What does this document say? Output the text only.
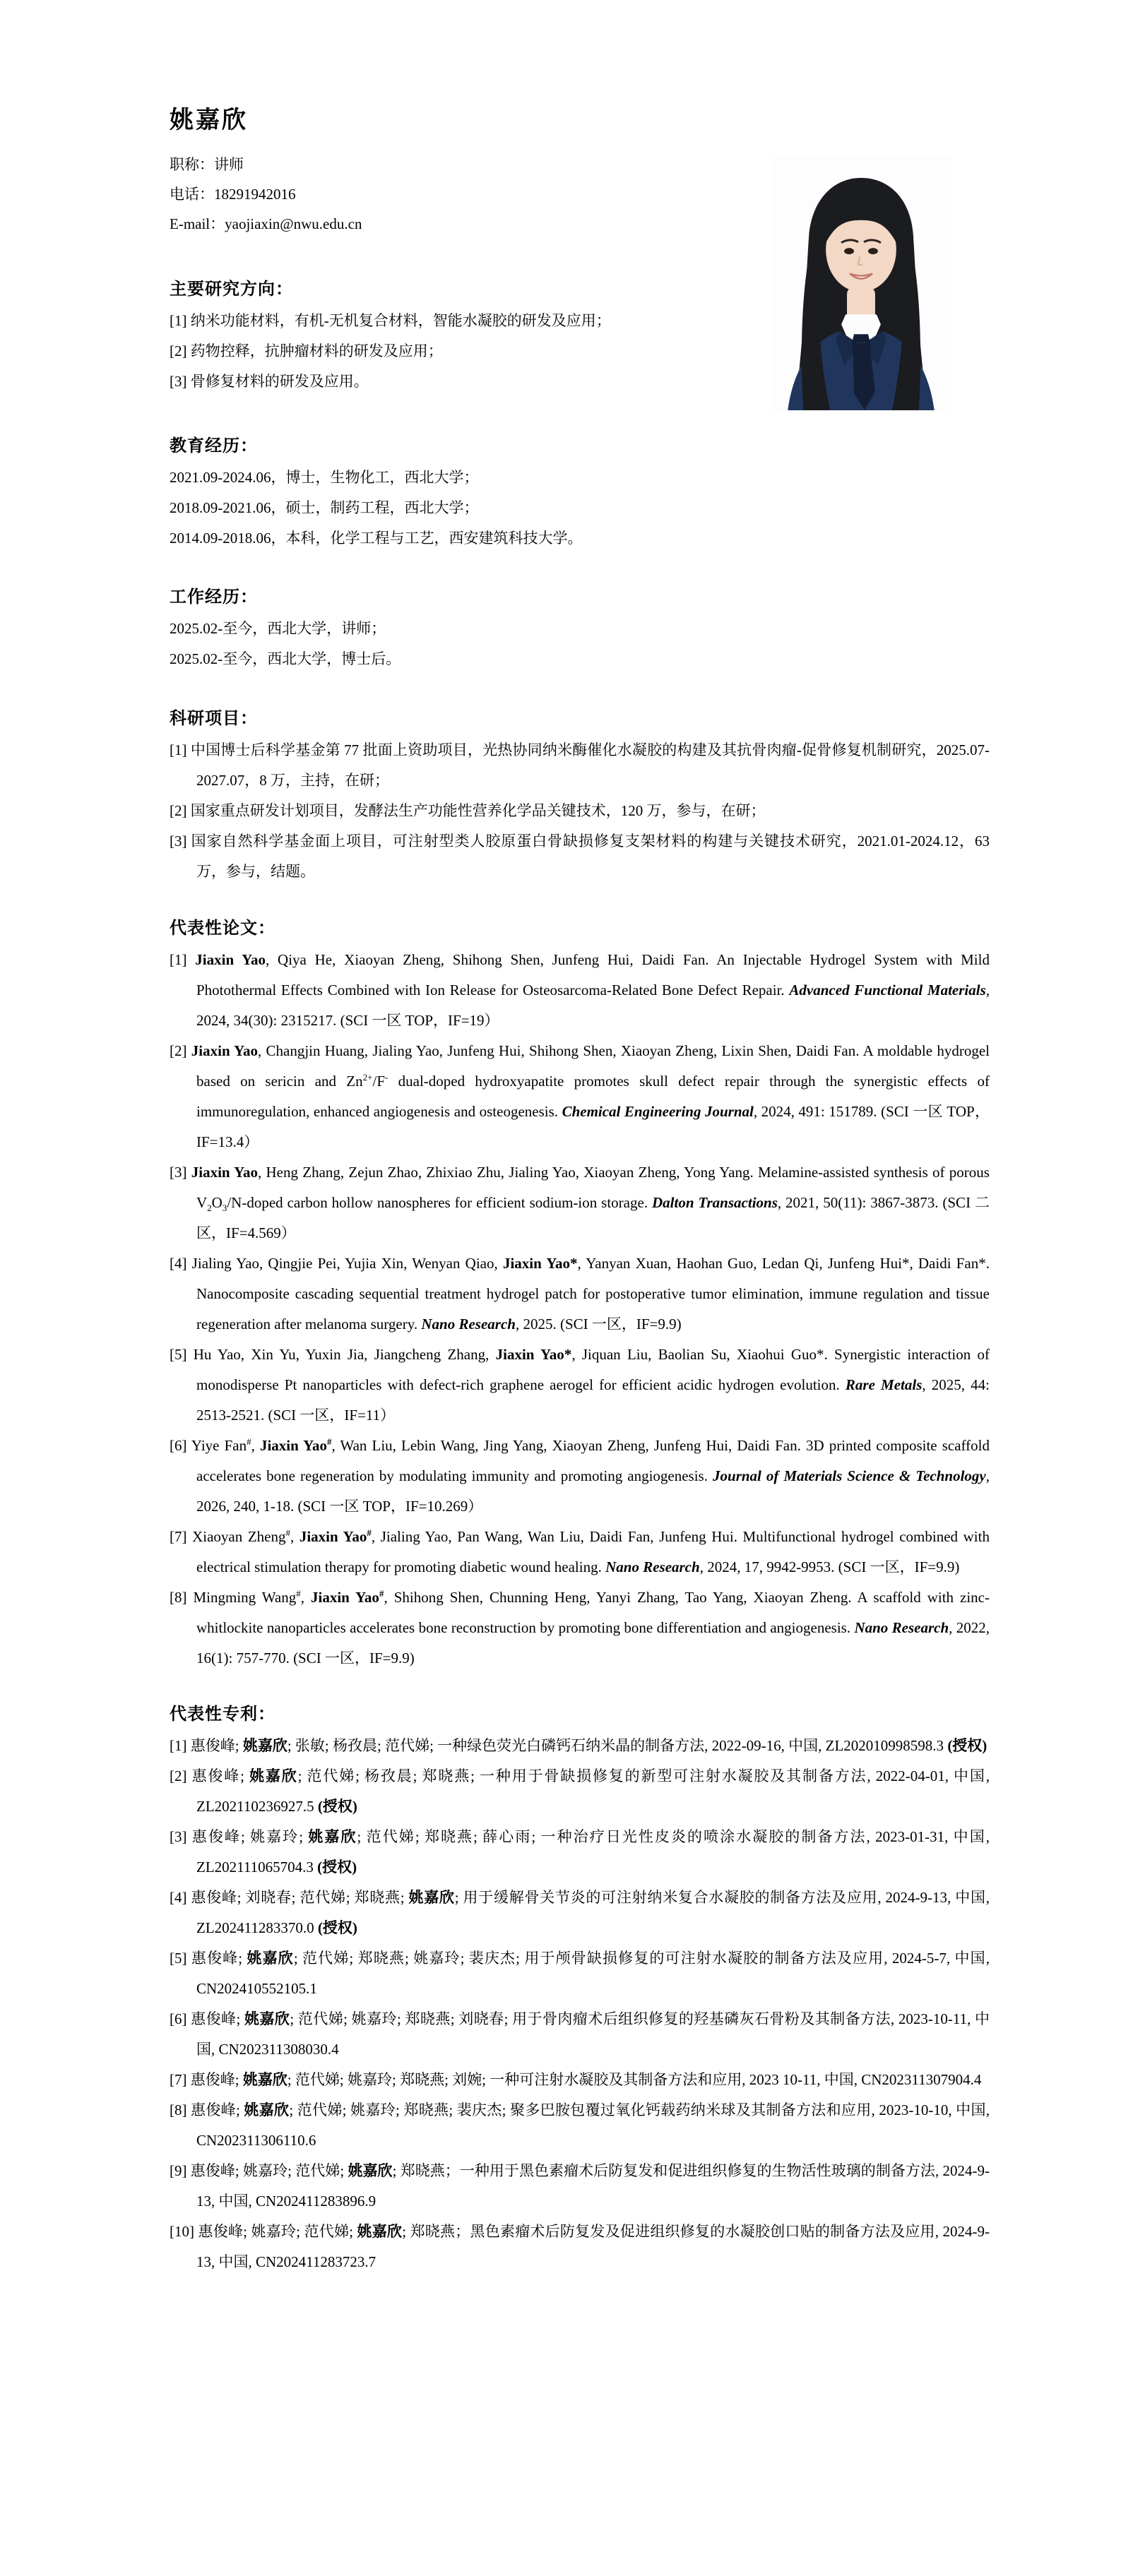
姚嘉欣
职称：讲师
电话：18291942016
E-mail：yaojiaxin@nwu.edu.cn
主要研究方向：
[1] 纳米功能材料，有机-无机复合材料，智能水凝胶的研发及应用；
[2] 药物控释，抗肿瘤材料的研发及应用；
[3] 骨修复材料的研发及应用。
教育经历：
2021.09-2024.06，博士，生物化工，西北大学；
2018.09-2021.06，硕士，制药工程，西北大学；
2014.09-2018.06，本科，化学工程与工艺，西安建筑科技大学。
工作经历：
2025.02-至今，西北大学，讲师；
2025.02-至今，西北大学，博士后。
科研项目：
[1] 中国博士后科学基金第 77 批面上资助项目，光热协同纳米酶催化水凝胶的构建及其抗骨肉瘤-促骨修复机制研究，2025.07-2027.07，8 万，主持，在研；
[2] 国家重点研发计划项目，发酵法生产功能性营养化学品关键技术，120 万，参与，在研；
[3] 国家自然科学基金面上项目，可注射型类人胶原蛋白骨缺损修复支架材料的构建与关键技术研究，2021.01-2024.12，63 万，参与，结题。
代表性论文：
[1] Jiaxin Yao, Qiya He, Xiaoyan Zheng, Shihong Shen, Junfeng Hui, Daidi Fan. An Injectable Hydrogel System with Mild Photothermal Effects Combined with Ion Release for Osteosarcoma-Related Bone Defect Repair. Advanced Functional Materials, 2024, 34(30): 2315217. (SCI 一区 TOP，IF=19）
[2] Jiaxin Yao, Changjin Huang, Jialing Yao, Junfeng Hui, Shihong Shen, Xiaoyan Zheng, Lixin Shen, Daidi Fan. A moldable hydrogel based on sericin and $Zn^{2+}/F^-$ dual-doped hydroxyapatite promotes skull defect repair through the synergistic effects of immunoregulation, enhanced angiogenesis and osteogenesis. Chemical Engineering Journal, 2024, 491: 151789. (SCI 一区 TOP，IF=13.4）
[3] Jiaxin Yao, Heng Zhang, Zejun Zhao, Zhixiao Zhu, Jialing Yao, Xiaoyan Zheng, Yong Yang. Melamine-assisted synthesis of porous $V_2O_3/N$-doped carbon hollow nanospheres for efficient sodium-ion storage. Dalton Transactions, 2021, 50(11): 3867-3873. (SCI 二区，IF=4.569）
[4] Jialing Yao, Qingjie Pei, Yujia Xin, Wenyan Qiao, Jiaxin Yao*, Yanyan Xuan, Haohan Guo, Ledan Qi, Junfeng Hui*, Daidi Fan*. Nanocomposite cascading sequential treatment hydrogel patch for postoperative tumor elimination, immune regulation and tissue regeneration after melanoma surgery. Nano Research, 2025. (SCI 一区，IF=9.9)
[5] Hu Yao, Xin Yu, Yuxin Jia, Jiangcheng Zhang, Jiaxin Yao*, Jiquan Liu, Baolian Su, Xiaohui Guo*. Synergistic interaction of monodisperse Pt nanoparticles with defect-rich graphene aerogel for efficient acidic hydrogen evolution. Rare Metals, 2025, 44: 2513-2521. (SCI 一区，IF=11）
[6] Yiye Fan#, Jiaxin Yao#, Wan Liu, Lebin Wang, Jing Yang, Xiaoyan Zheng, Junfeng Hui, Daidi Fan. 3D printed composite scaffold accelerates bone regeneration by modulating immunity and promoting angiogenesis. Journal of Materials Science & Technology, 2026, 240, 1-18. (SCI 一区 TOP，IF=10.269）
[7] Xiaoyan Zheng#, Jiaxin Yao#, Jialing Yao, Pan Wang, Wan Liu, Daidi Fan, Junfeng Hui. Multifunctional hydrogel combined with electrical stimulation therapy for promoting diabetic wound healing. Nano Research, 2024, 17, 9942-9953. (SCI 一区，IF=9.9)
[8] Mingming Wang#, Jiaxin Yao#, Shihong Shen, Chunning Heng, Yanyi Zhang, Tao Yang, Xiaoyan Zheng. A scaffold with zinc-whitlockite nanoparticles accelerates bone reconstruction by promoting bone differentiation and angiogenesis. Nano Research, 2022, 16(1): 757-770. (SCI 一区，IF=9.9)
代表性专利：
[1] 惠俊峰; 姚嘉欣; 张敏; 杨孜晨; 范代娣; 一种绿色荧光白磷钙石纳米晶的制备方法, 2022-09-16, 中国, ZL202010998598.3 (授权)
[2] 惠俊峰; 姚嘉欣; 范代娣; 杨孜晨; 郑晓燕; 一种用于骨缺损修复的新型可注射水凝胶及其制备方法, 2022-04-01, 中国, ZL202110236927.5 (授权)
[3] 惠俊峰; 姚嘉玲; 姚嘉欣; 范代娣; 郑晓燕; 薛心雨; 一种治疗日光性皮炎的喷涂水凝胶的制备方法, 2023-01-31, 中国, ZL202111065704.3 (授权)
[4] 惠俊峰; 刘晓春; 范代娣; 郑晓燕; 姚嘉欣; 用于缓解骨关节炎的可注射纳米复合水凝胶的制备方法及应用, 2024-9-13, 中国, ZL202411283370.0 (授权)
[5] 惠俊峰; 姚嘉欣; 范代娣; 郑晓燕; 姚嘉玲; 裴庆杰; 用于颅骨缺损修复的可注射水凝胶的制备方法及应用, 2024-5-7, 中国, CN202410552105.1
[6] 惠俊峰; 姚嘉欣; 范代娣; 姚嘉玲; 郑晓燕; 刘晓春; 用于骨肉瘤术后组织修复的羟基磷灰石骨粉及其制备方法, 2023-10-11, 中国, CN202311308030.4
[7] 惠俊峰; 姚嘉欣; 范代娣; 姚嘉玲; 郑晓燕; 刘婉; 一种可注射水凝胶及其制备方法和应用, 2023 10-11, 中国, CN202311307904.4
[8] 惠俊峰; 姚嘉欣; 范代娣; 姚嘉玲; 郑晓燕; 裴庆杰; 聚多巴胺包覆过氧化钙载药纳米球及其制备方法和应用, 2023-10-10, 中国, CN202311306110.6
[9] 惠俊峰; 姚嘉玲; 范代娣; 姚嘉欣; 郑晓燕；一种用于黑色素瘤术后防复发和促进组织修复的生物活性玻璃的制备方法, 2024-9-13, 中国, CN202411283896.9
[10] 惠俊峰; 姚嘉玲; 范代娣; 姚嘉欣; 郑晓燕；黑色素瘤术后防复发及促进组织修复的水凝胶创口贴的制备方法及应用, 2024-9-13, 中国, CN202411283723.7
